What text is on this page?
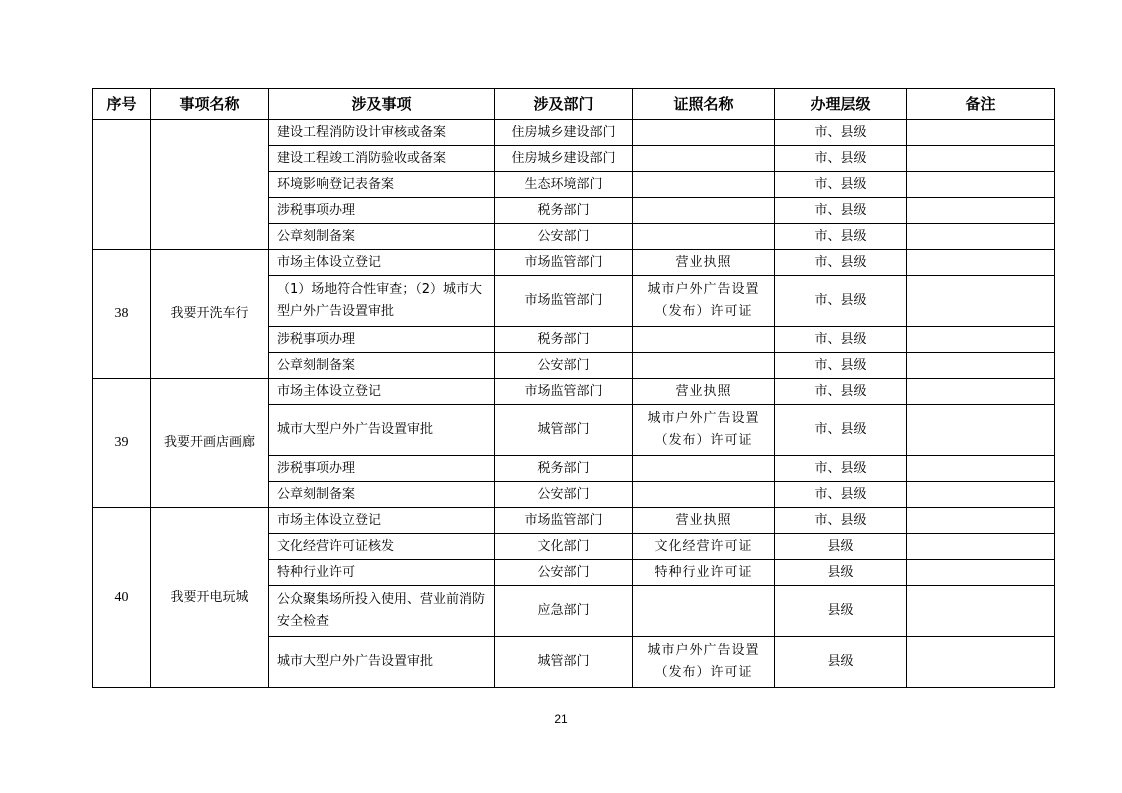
序号	事项名称	涉及事项	涉及部门	证照名称	办理层级	备注
		建设工程消防设计审核或备案	住房城乡建设部门		市、县级	
		建设工程竣工消防验收或备案	住房城乡建设部门		市、县级	
		环境影响登记表备案	生态环境部门		市、县级	
		涉税事项办理	税务部门		市、县级	
		公章刻制备案	公安部门		市、县级	
38	我要开洗车行	市场主体设立登记	市场监管部门	营业执照	市、县级	
		（1）场地符合性审查；（2）城市大型户外广告设置审批	市场监管部门	城市户外广告设置（发布）许可证	市、县级	
		涉税事项办理	税务部门		市、县级	
		公章刻制备案	公安部门		市、县级	
39	我要开画店画廊	市场主体设立登记	市场监管部门	营业执照	市、县级	
		城市大型户外广告设置审批	城管部门	城市户外广告设置（发布）许可证	市、县级	
		涉税事项办理	税务部门		市、县级	
		公章刻制备案	公安部门		市、县级	
40	我要开电玩城	市场主体设立登记	市场监管部门	营业执照	市、县级	
		文化经营许可证核发	文化部门	文化经营许可证	县级	
		特种行业许可	公安部门	特种行业许可证	县级	
		公众聚集场所投入使用、营业前消防安全检查	应急部门		县级	
		城市大型户外广告设置审批	城管部门	城市户外广告设置（发布）许可证	县级	
21
